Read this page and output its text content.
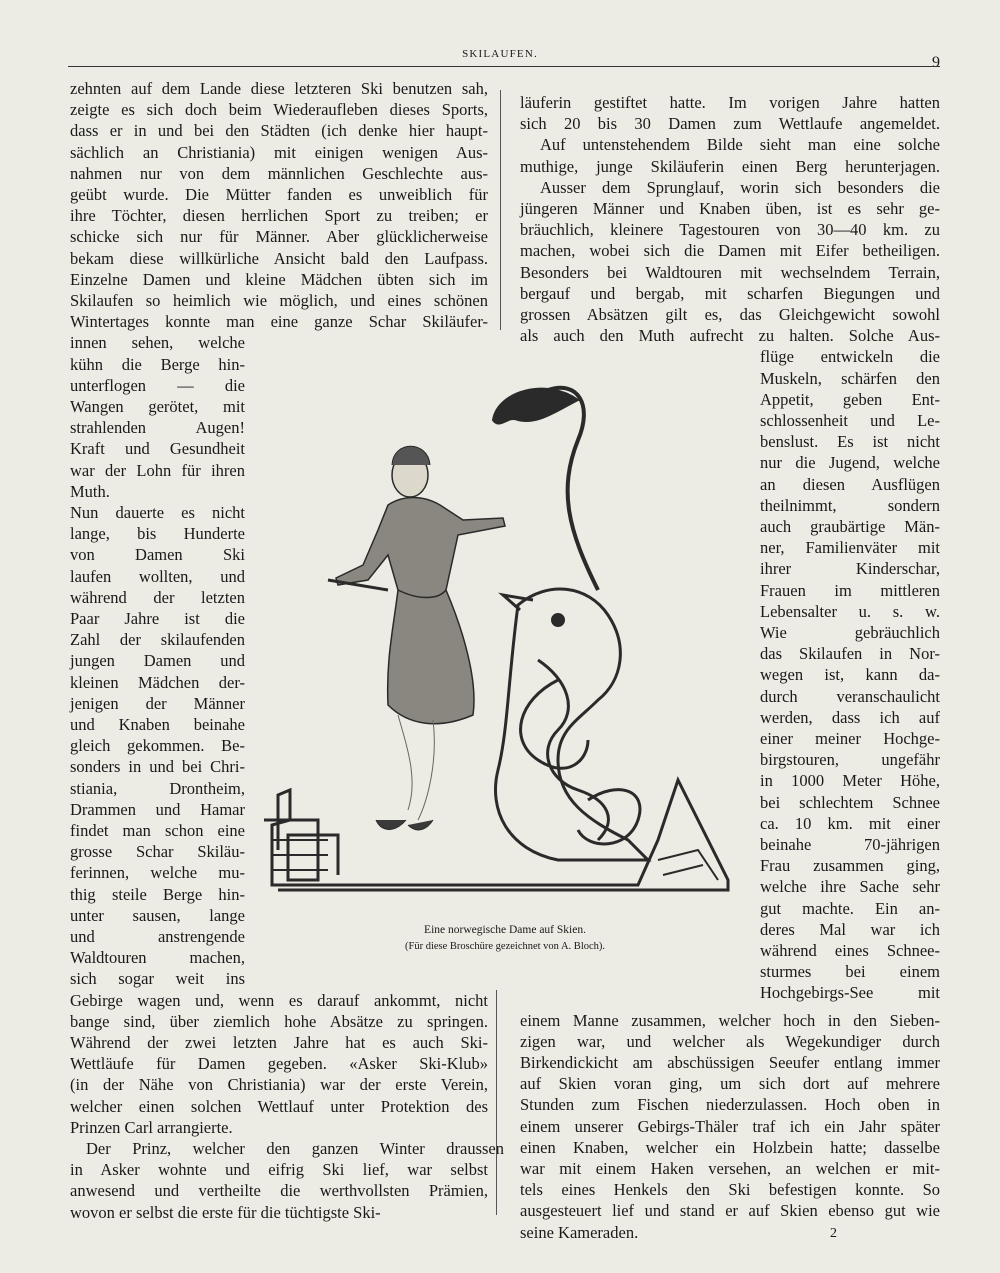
SKILAUFEN.	9
zehnten auf dem Lande diese letzteren Ski benutzen sah,
zeigte es sich doch beim Wiederaufleben dieses Sports,
dass er in und bei den Städten (ich denke hier haupt-
sächlich an Christiania) mit einigen wenigen Aus-
nahmen nur von dem männlichen Geschlechte aus-
geübt wurde. Die Mütter fanden es unweiblich für
ihre Töchter, diesen herrlichen Sport zu treiben; er
schicke sich nur für Männer. Aber glücklicherweise
bekam diese willkürliche Ansicht bald den Laufpass.
Einzelne Damen und kleine Mädchen übten sich im
Skilaufen so heimlich wie möglich, und eines schönen
Wintertages konnte man eine ganze Schar Skiläufer-
innen sehen, welche
kühn die Berge hin-
unterflogen — die
Wangen gerötet, mit
strahlenden Augen!
Kraft und Gesundheit
war der Lohn für ihren
Muth.
Nun dauerte es nicht
lange, bis Hunderte
von Damen Ski
laufen wollten, und
während der letzten
Paar Jahre ist die
Zahl der skilaufenden
jungen Damen und
kleinen Mädchen der-
jenigen der Männer
und Knaben beinahe
gleich gekommen. Be-
sonders in und bei Chri-
stiania, Drontheim,
Drammen und Hamar
findet man schon eine
grosse Schar Skiläu-
ferinnen, welche mu-
thig steile Berge hin-
unter sausen, lange
und anstrengende
Waldtouren machen,
sich sogar weit ins
Gebirge wagen und, wenn es darauf ankommt, nicht
bange sind, über ziemlich hohe Absätze zu springen.
Während der zwei letzten Jahre hat es auch Ski-
Wettläufe für Damen gegeben. «Asker Ski-Klub»
(in der Nähe von Christiania) war der erste Verein,
welcher einen solchen Wettlauf unter Protektion des
Prinzen Carl arrangierte.
Der Prinz, welcher den ganzen Winter draussen
in Asker wohnte und eifrig Ski lief, war selbst
anwesend und vertheilte die werthvollsten Prämien,
wovon er selbst die erste für die tüchtigste Ski-
läuferin gestiftet hatte. Im vorigen Jahre hatten
sich 20 bis 30 Damen zum Wettlaufe angemeldet.
Auf untenstehendem Bilde sieht man eine solche
muthige, junge Skiläuferin einen Berg herunterjagen.
Ausser dem Sprunglauf, worin sich besonders die
jüngeren Männer und Knaben üben, ist es sehr ge-
bräuchlich, kleinere Tagestouren von 30—40 km. zu
machen, wobei sich die Damen mit Eifer betheiligen.
Besonders bei Waldtouren mit wechselndem Terrain,
bergauf und bergab, mit scharfen Biegungen und
grossen Absätzen gilt es, das Gleichgewicht sowohl
als auch den Muth aufrecht zu halten. Solche Aus-
flüge entwickeln die
Muskeln, schärfen den
Appetit, geben Ent-
schlossenheit und Le-
benslust. Es ist nicht
nur die Jugend, welche
an diesen Ausflügen
theilnimmt, sondern
auch graubärtige Män-
ner, Familienväter mit
ihrer Kinderschar,
Frauen im mittleren
Lebensalter u. s. w.
Wie gebräuchlich
das Skilaufen in Nor-
wegen ist, kann da-
durch veranschaulicht
werden, dass ich auf
einer meiner Hochge-
birgstouren, ungefähr
in 1000 Meter Höhe,
bei schlechtem Schnee
ca. 10 km. mit einer
beinahe 70-jährigen
Frau zusammen ging,
welche ihre Sache sehr
gut machte. Ein an-
deres Mal war ich
während eines Schnee-
sturmes bei einem
Hochgebirgs-See mit
einem Manne zusammen, welcher hoch in den Sieben-
zigen war, und welcher als Wegekundiger durch
Birkendickicht am abschüssigen Seeufer entlang immer
auf Skien voran ging, um sich dort auf mehrere
Stunden zum Fischen niederzulassen. Hoch oben in
einem unserer Gebirgs-Thäler traf ich ein Jahr später
einen Knaben, welcher ein Holzbein hatte; dasselbe
war mit einem Haken versehen, an welchen er mit-
tels eines Henkels den Ski befestigen konnte. So
ausgesteuert lief und stand er auf Skien ebenso gut wie
seine Kameraden.
Eine norwegische Dame auf Skien.
(Für diese Broschüre gezeichnet von A. Bloch).
2
